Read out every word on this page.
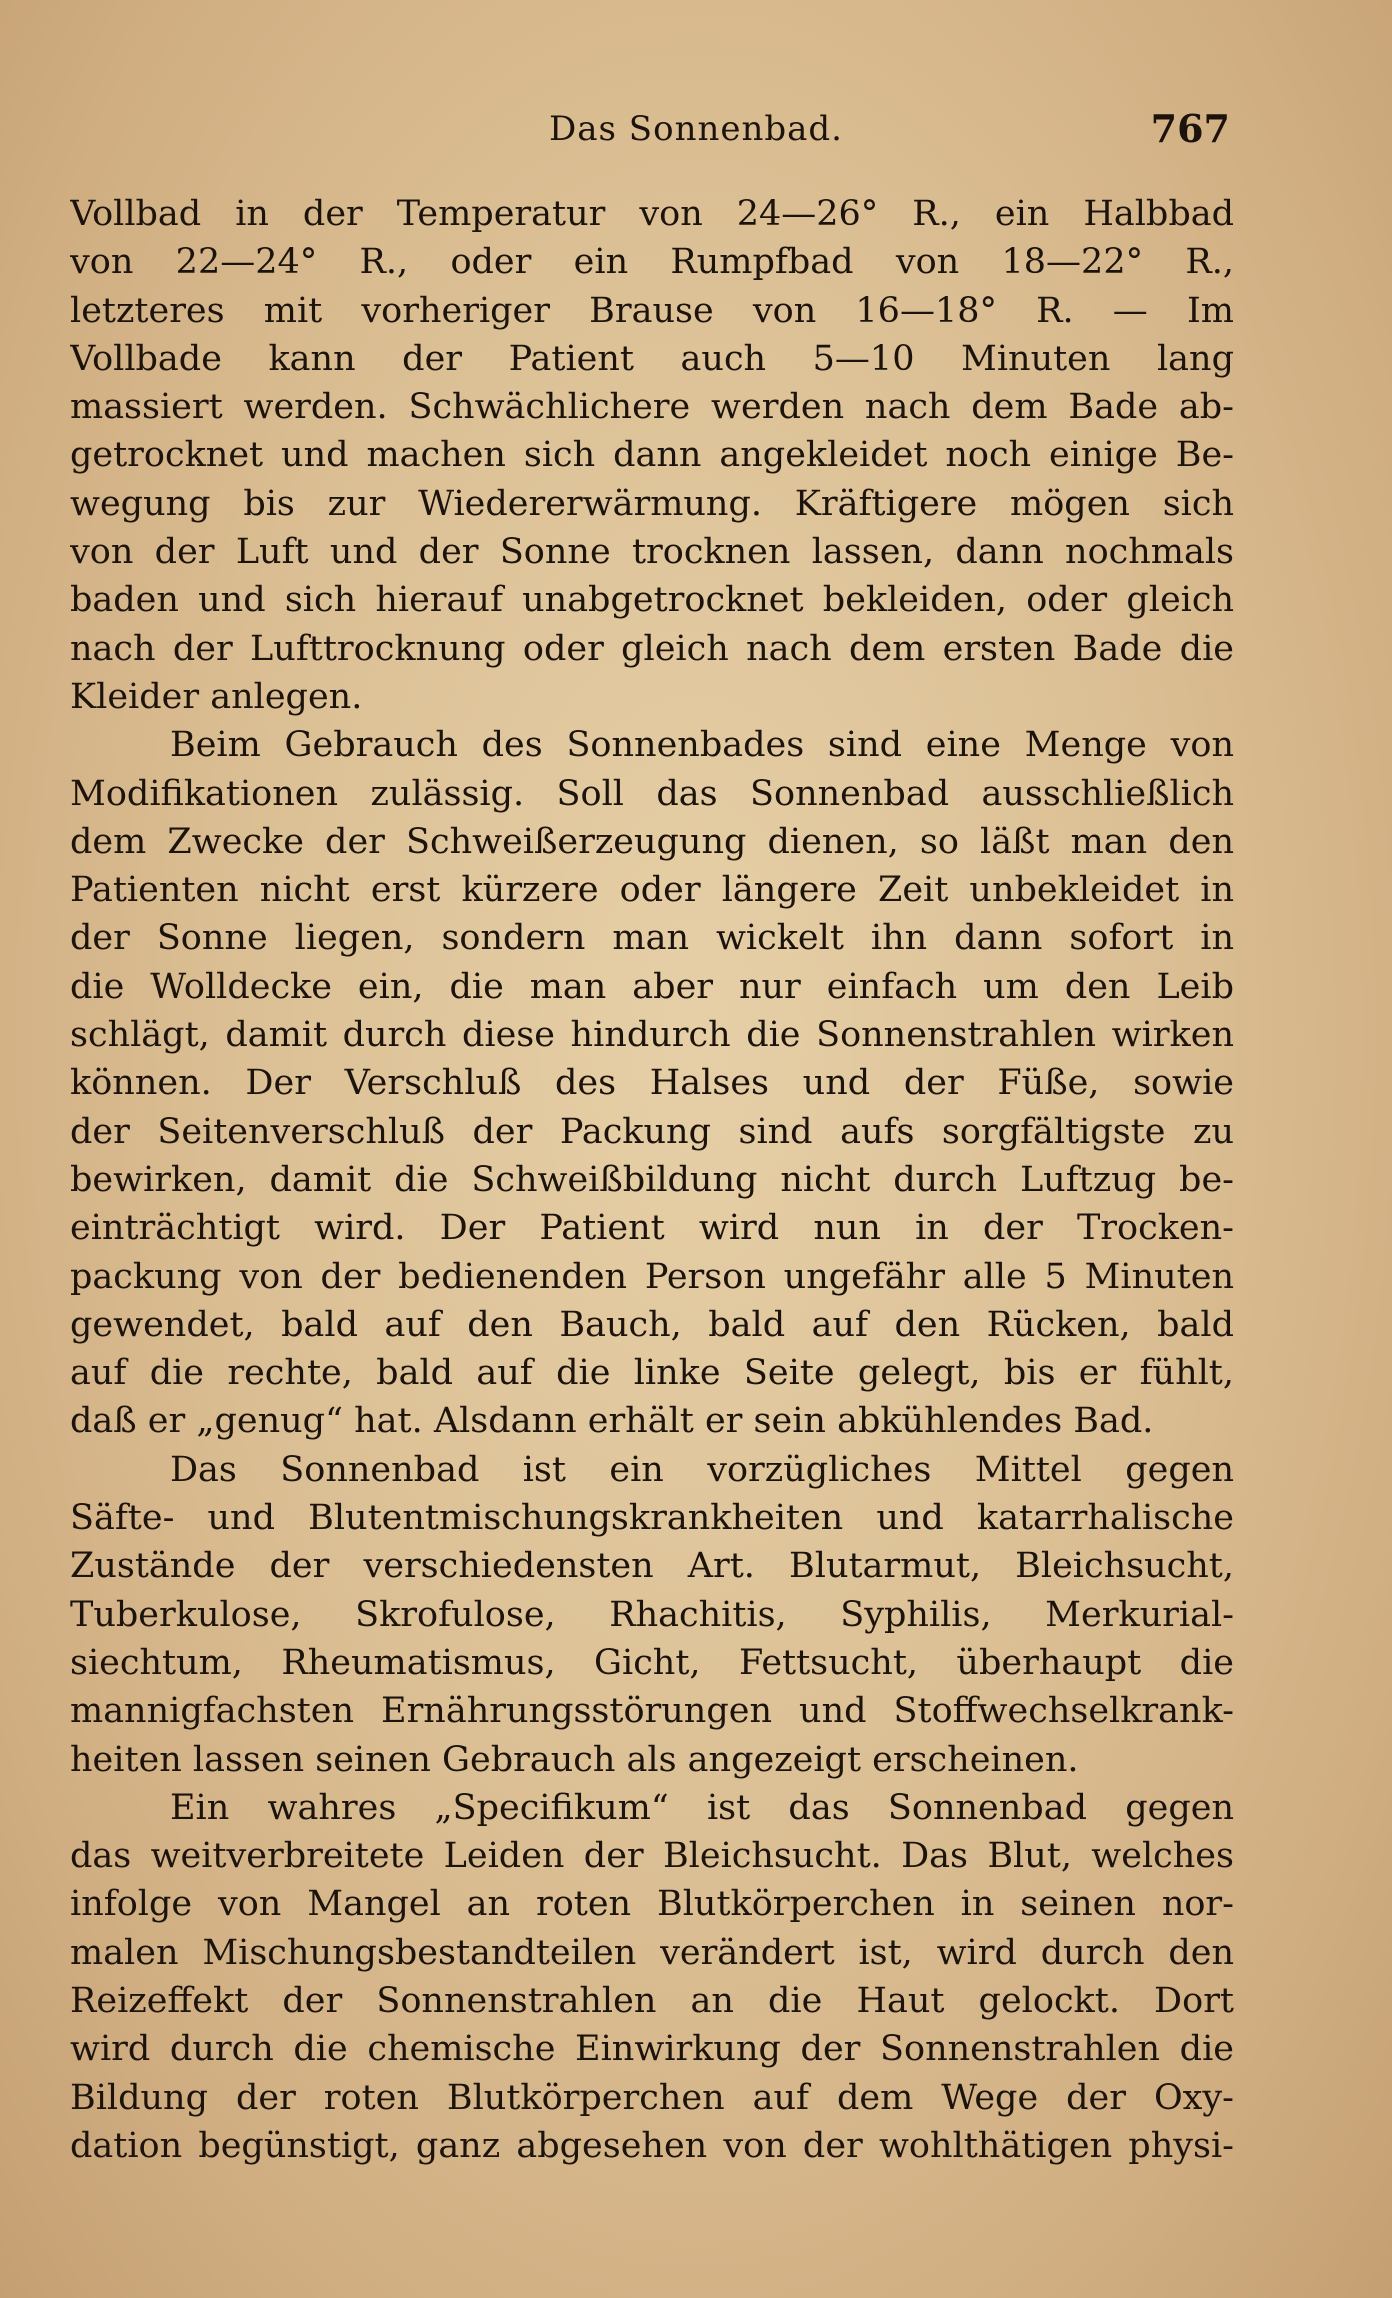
Das Sonnenbad.	767
Vollbad in der Temperatur von 24—26° R., ein Halbbad
von 22—24° R., oder ein Rumpfbad von 18—22° R.,
letzteres mit vorheriger Brause von 16—18° R. — Im
Vollbade kann der Patient auch 5—10 Minuten lang
massiert werden. Schwächlichere werden nach dem Bade ab-
getrocknet und machen sich dann angekleidet noch einige Be-
wegung bis zur Wiedererwärmung. Kräftigere mögen sich
von der Luft und der Sonne trocknen lassen, dann nochmals
baden und sich hierauf unabgetrocknet bekleiden, oder gleich
nach der Lufttrocknung oder gleich nach dem ersten Bade die
Kleider anlegen.
Beim Gebrauch des Sonnenbades sind eine Menge von
Modifikationen zulässig. Soll das Sonnenbad ausschließlich
dem Zwecke der Schweißerzeugung dienen, so läßt man den
Patienten nicht erst kürzere oder längere Zeit unbekleidet in
der Sonne liegen, sondern man wickelt ihn dann sofort in
die Wolldecke ein, die man aber nur einfach um den Leib
schlägt, damit durch diese hindurch die Sonnenstrahlen wirken
können. Der Verschluß des Halses und der Füße, sowie
der Seitenverschluß der Packung sind aufs sorgfältigste zu
bewirken, damit die Schweißbildung nicht durch Luftzug be-
einträchtigt wird. Der Patient wird nun in der Trocken-
packung von der bedienenden Person ungefähr alle 5 Minuten
gewendet, bald auf den Bauch, bald auf den Rücken, bald
auf die rechte, bald auf die linke Seite gelegt, bis er fühlt,
daß er „genug“ hat. Alsdann erhält er sein abkühlendes Bad.
Das Sonnenbad ist ein vorzügliches Mittel gegen
Säfte- und Blutentmischungskrankheiten und katarrhalische
Zustände der verschiedensten Art. Blutarmut, Bleichsucht,
Tuberkulose, Skrofulose, Rhachitis, Syphilis, Merkurial-
siechtum, Rheumatismus, Gicht, Fettsucht, überhaupt die
mannigfachsten Ernährungsstörungen und Stoffwechselkrank-
heiten lassen seinen Gebrauch als angezeigt erscheinen.
Ein wahres „Specifikum“ ist das Sonnenbad gegen
das weitverbreitete Leiden der Bleichsucht. Das Blut, welches
infolge von Mangel an roten Blutkörperchen in seinen nor-
malen Mischungsbestandteilen verändert ist, wird durch den
Reizeffekt der Sonnenstrahlen an die Haut gelockt. Dort
wird durch die chemische Einwirkung der Sonnenstrahlen die
Bildung der roten Blutkörperchen auf dem Wege der Oxy-
dation begünstigt, ganz abgesehen von der wohlthätigen physi-
